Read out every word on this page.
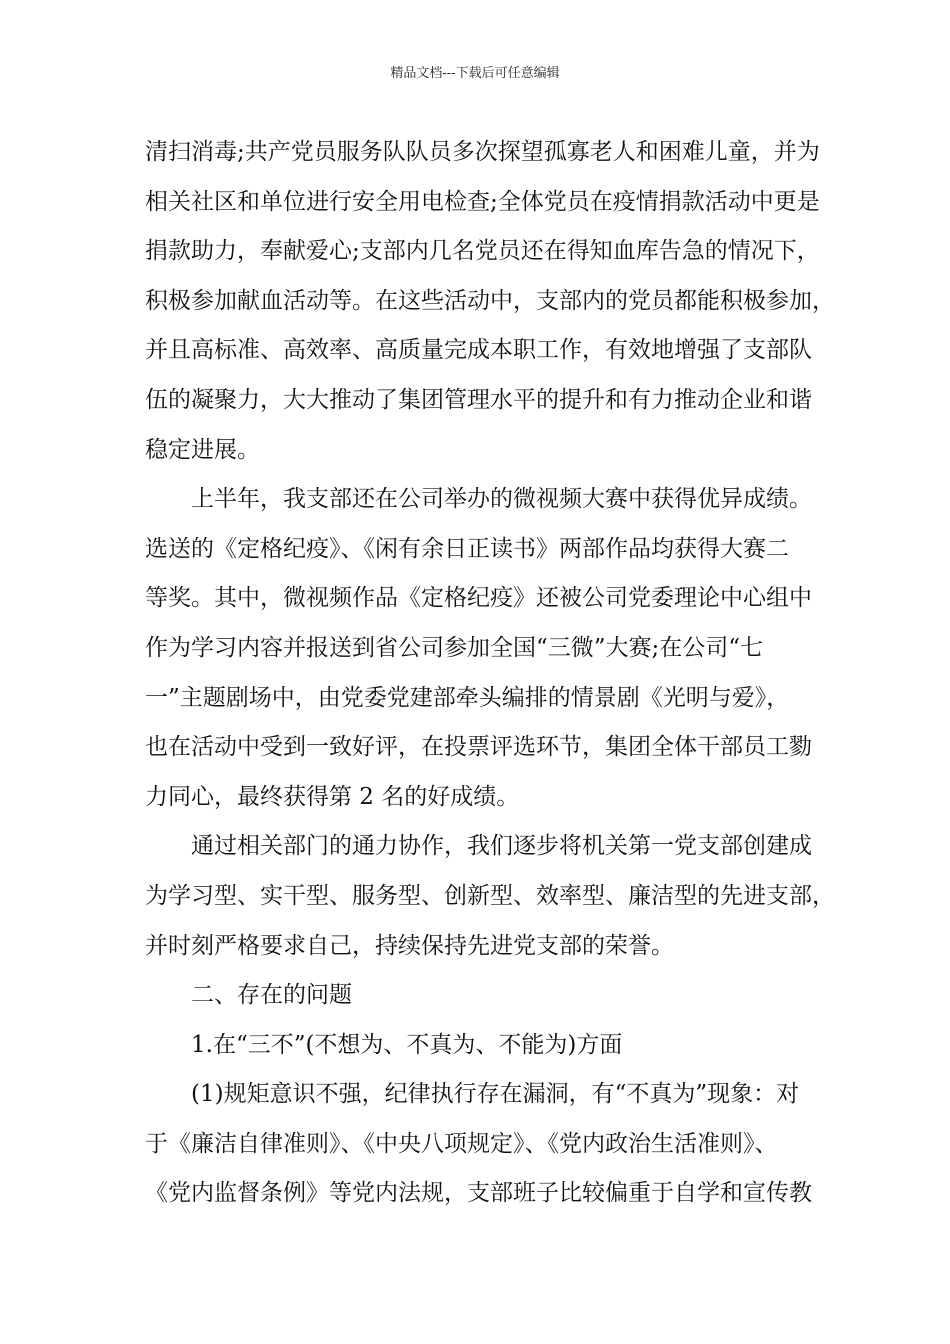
精品文档---下载后可任意编辑

清扫消毒;共产党员服务队队员多次探望孤寡老人和困难儿童，并为
相关社区和单位进行安全用电检查;全体党员在疫情捐款活动中更是
捐款助力，奉献爱心;支部内几名党员还在得知血库告急的情况下，
积极参加献血活动等。在这些活动中，支部内的党员都能积极参加，
并且高标准、高效率、高质量完成本职工作，有效地增强了支部队
伍的凝聚力，大大推动了集团管理水平的提升和有力推动企业和谐
稳定进展。

上半年，我支部还在公司举办的微视频大赛中获得优异成绩。
选送的《定格纪疫》、《闲有余日正读书》两部作品均获得大赛二
等奖。其中，微视频作品《定格纪疫》还被公司党委理论中心组中
作为学习内容并报送到省公司参加全国“三微”大赛;在公司“七
一”主题剧场中，由党委党建部牵头编排的情景剧《光明与爱》，
也在活动中受到一致好评，在投票评选环节，集团全体干部员工勠
力同心，最终获得第 2 名的好成绩。

通过相关部门的通力协作，我们逐步将机关第一党支部创建成
为学习型、实干型、服务型、创新型、效率型、廉洁型的先进支部，
并时刻严格要求自己，持续保持先进党支部的荣誉。

二、存在的问题

1.在“三不”(不想为、不真为、不能为)方面

(1)规矩意识不强，纪律执行存在漏洞，有“不真为”现象：对
于《廉洁自律准则》、《中央八项规定》、《党内政治生活准则》、
《党内监督条例》等党内法规，支部班子比较偏重于自学和宣传教
